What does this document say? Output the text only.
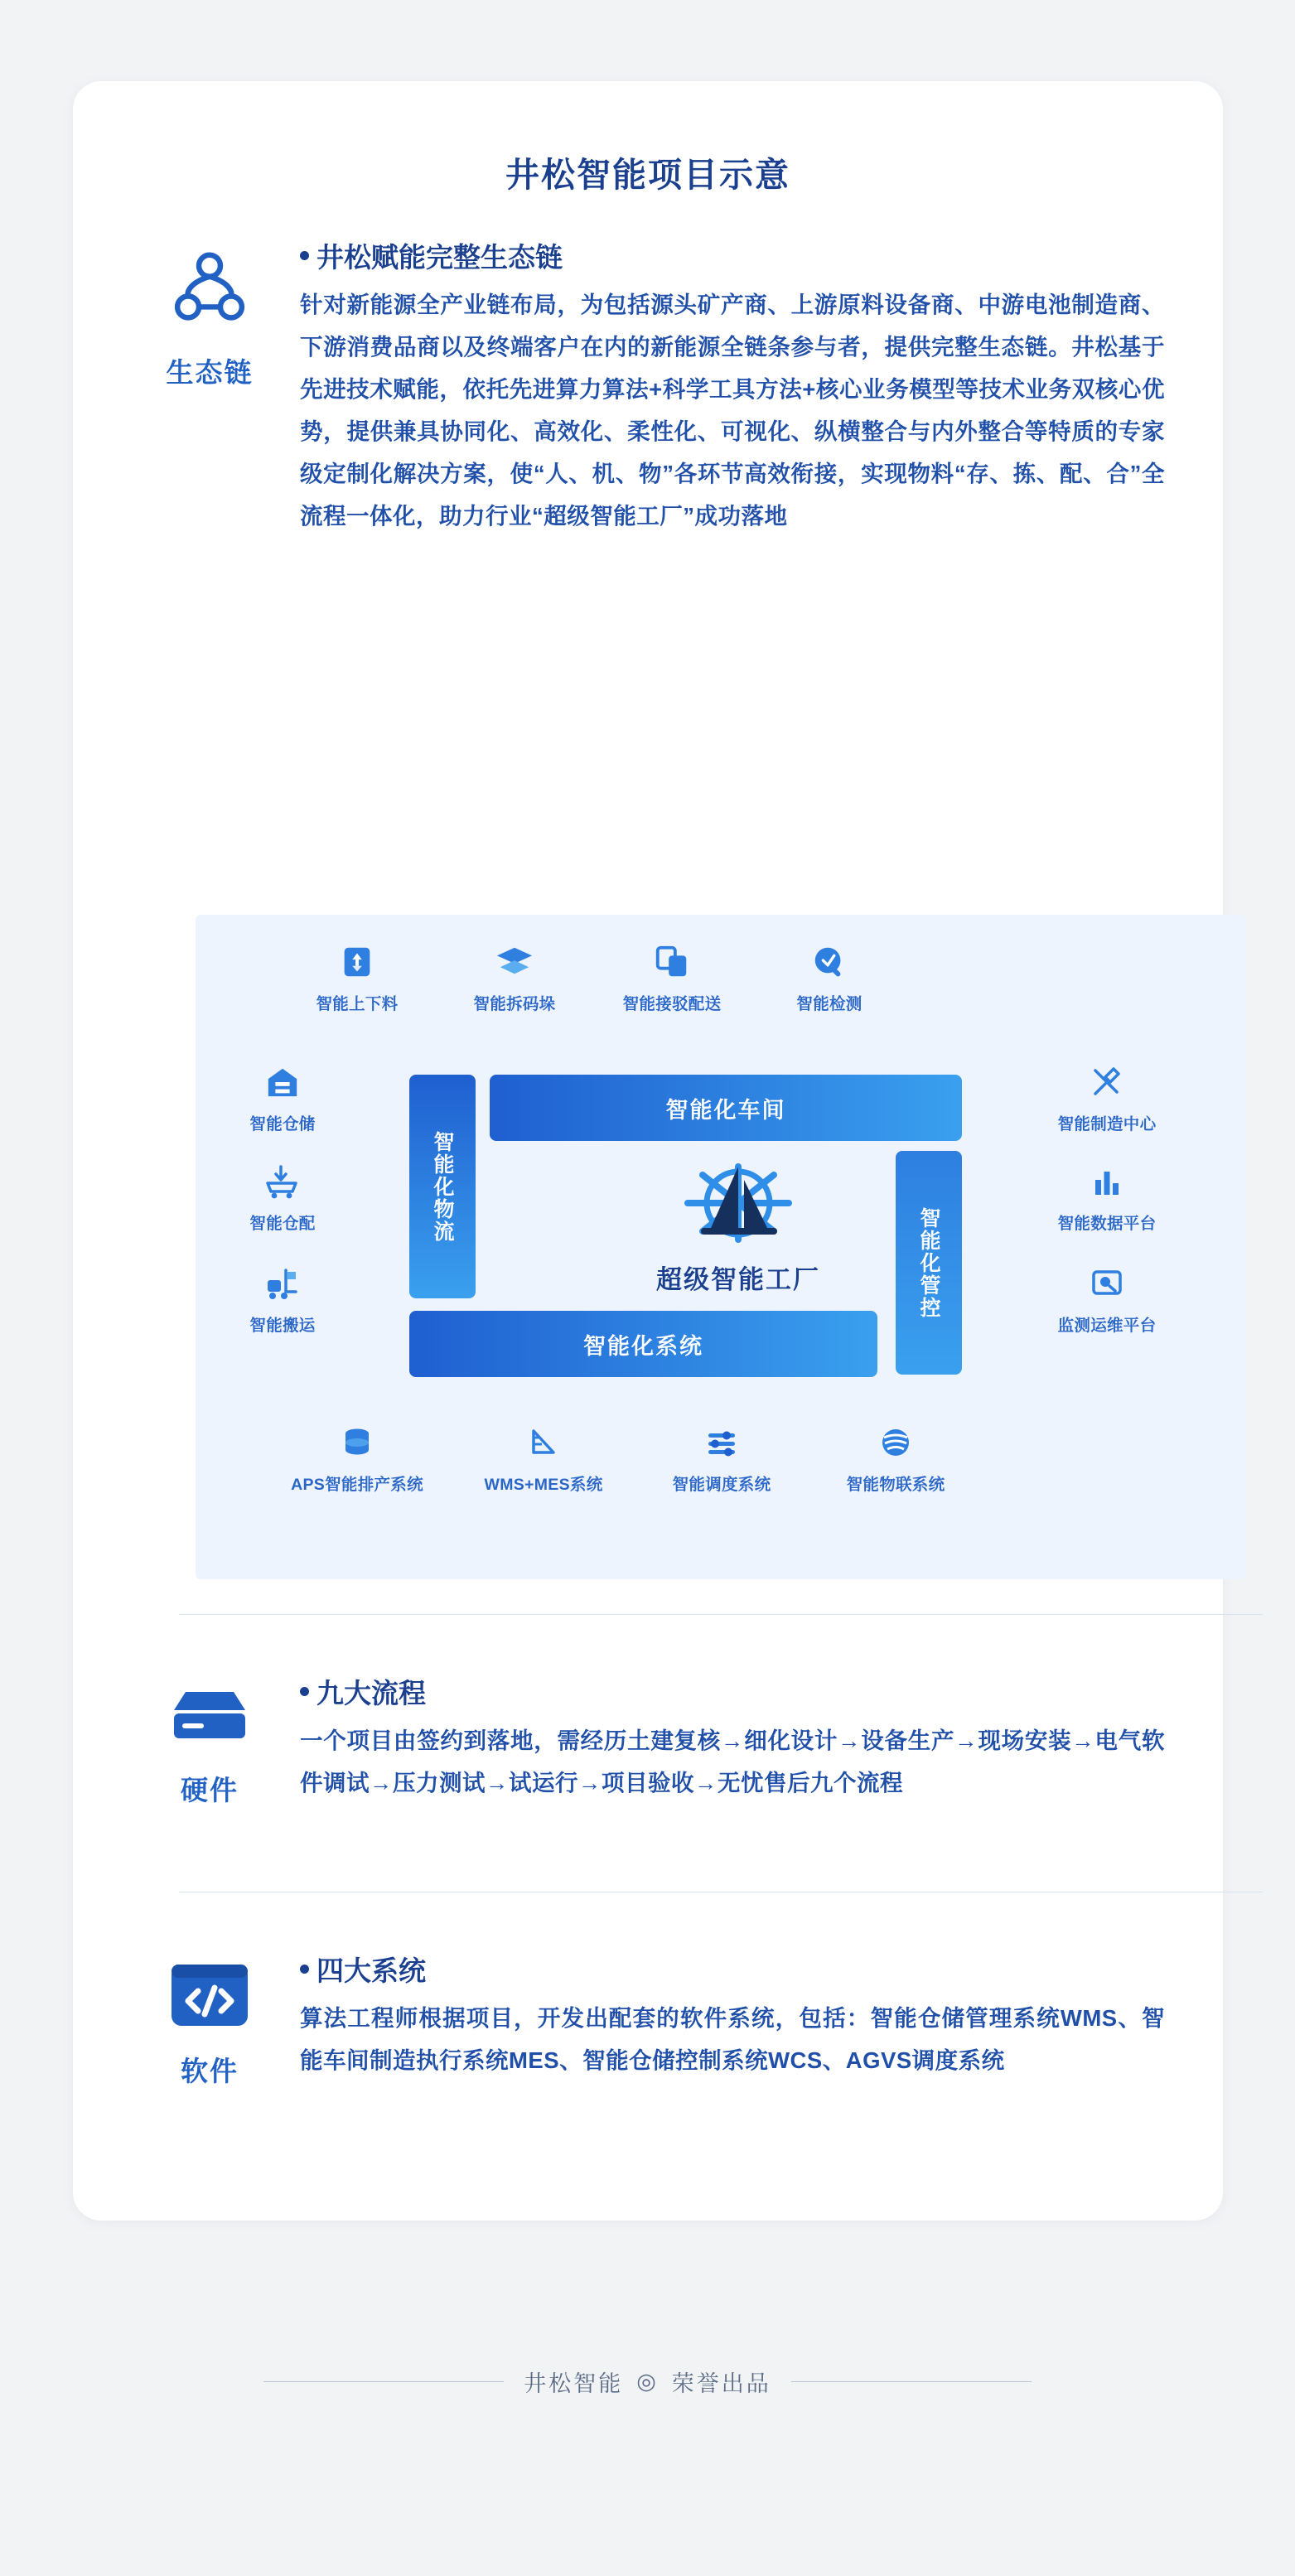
井松智能项目示意
生态链
井松赋能完整生态链
针对新能源全产业链布局，为包括源头矿产商、上游原料设备商、中游电池制造商、下游消费品商以及终端客户在内的新能源全链条参与者，提供完整生态链。井松基于先进技术赋能，依托先进算力算法+科学工具方法+核心业务模型等技术业务双核心优势，提供兼具协同化、高效化、柔性化、可视化、纵横整合与内外整合等特质的专家级定制化解决方案，使“人、机、物”各环节高效衔接，实现物料“存、拣、配、合”全流程一体化，助力行业“超级智能工厂”成功落地
智能上下料	智能拆码垛	智能接驳配送	智能检测
智能仓储
智能仓配
智能搬运
智能制造中心
智能数据平台
监测运维平台
智能化车间
智能化系统
智能化物流
智能化管控
超级智能工厂
APS智能排产系统	WMS+MES系统	智能调度系统	智能物联系统
硬件
九大流程
一个项目由签约到落地，需经历土建复核→细化设计→设备生产→现场安装→电气软件调试→压力测试→试运行→项目验收→无忧售后九个流程
软件
四大系统
算法工程师根据项目，开发出配套的软件系统，包括：智能仓储管理系统WMS、智能车间制造执行系统MES、智能仓储控制系统WCS、AGVS调度系统
井松智能 ◎ 荣誉出品
